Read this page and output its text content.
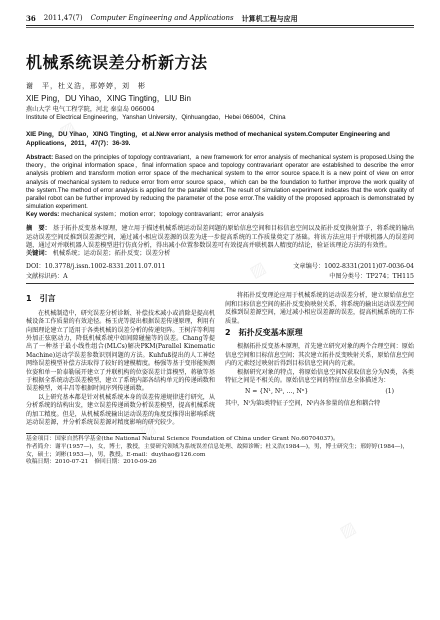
36 2011,47(7) Computer Engineering and Applications 计算机工程与应用
机械系统误差分析新方法
谢　平，杜义浩，邢婷婷，刘　彬
XIE Ping，DU Yihao，XING Tingting，LIU Bin
燕山大学 电气工程学院，河北 秦皇岛 066004
Institute of Electrical Engineering，Yanshan University，Qinhuangdao，Hebei 066004，China
XIE Ping，DU Yihao，XING Tingting，et al.New error analysis method of mechanical system.Computer Engineering and Applications，2011，47(7)：36-39.
Abstract: Based on the principles of topology contravariant，a new framework for error analysis of mechanical system is proposed.Using the theory，the original information space，final information space and topology contravariant operator are established to describe the error analysis problem and transform motion error space of the mechanical system to the error source space.It is a new point of view on error analysis of mechanical system to reduce error from error source space，which can be the foundation to further improve the work quality of the system.The method of error analysis is applied for the parallel robot.The result of simulation experiment indicates that the work quality of parallel robot can be further improved by reducing the parameter of the pose error.The validity of the proposed approach is demonstrated by simulation experiment.
Key words: mechanical system；motion error；topology contravariant；error analysis
摘　要： 基于拓扑反变基本原理，建立用于描述机械系统运动误差问题的原始信息空间和目标信息空间以及拓扑反变换射算子，将系统的输出运动误差空间反推到误差源空间，通过减小相应误差源的误差为进一步提高系统的工作质量奠定了基础。将该方法应用于并联机器人的误差问题，通过对并联机器人误差模型进行仿真分析，得出减小位置参数误差可有效提高并联机器人精度的结论，验证该理论方法的有效性。
关键词： 机械系统；运动误差；拓扑反变；误差分析
DOI：10.3778/j.issn.1002-8331.2011.07.011	文章编号：1002-8331(2011)07-0036-04
文献标识码：A	中图分类号：TP274；TH115
1　引言

在机械制造中，研究误差分析诊断、补偿技术减小或消除是提高机械设备工作质量的有效途径。杨玉虎等提出根据误差传递原理，利用有向图理论建立了适用于各类机械的误差分析的传递矩阵。王树洋等利用外加正弦驱动力，降低机械系统中如间隙碰撞等的误差。Chang等提出了一种基于最小线性组合(MLCs)解决PKM(Parallel Kinematic Machine)运动学误差参数识别问题的方法。Kuhfuß提出的人工神经网络误差模型补偿方法取得了较好的建模精度。杨强等基于变形能预测位姿和单一阶泰勒展开建立了并联机构的位姿误差计算模型，蒋敏等基于根据全系统动态误差模型，建立了系统内部各结构单元的传递函数和误差模型，刘丰昌等根据时间序列传递函数。

以上研究基本都是针对机械系统本身的误差传递规律进行研究，从分析系统的结构出发，建立误差传递函数分析误差模型，提高机械系统的加工精度。但是，从机械系统输出运动误差的角度反推得出影响系统运动误差源，并分析系统误差源对精度影响的研究较少。

将拓扑反变理论应用于机械系统的运动误差分析，建立原始信息空间和目标信息空间的拓扑反变换映射关系，将系统的输出运动误差空间反推到误差源空间，通过减小相应误差源的误差，提高机械系统的工作质量。

2　拓扑反变基本原理

根据拓扑反变基本原理，首先建立研究对象的两个合理空间：原始信息空间和目标信息空间；其次建立拓扑反变映射关系，原始信息空间内的元素经过映射后得到目标信息空间内的元素。

根据研究对象的特点，将原始信息空间N获取信息分为N类，各类特征之间是不相关的。原始信息空间的特征信息全体描述为：

N = {N¹, N², …, Nⁿ}	(1)

其中，Nⁱ为第i类特征子空间，Nⁱ内各参量的信息和耦合特

基金项目：国家自然科学基金(the National Natural Science Foundation of China under Grant No.60704037)。
作者简介：谢平(1957—)，女，博士，教授，主要研究领域为系统误差信息处理、故障诊断；杜义浩(1984—)，男，博士研究生；邢婷婷(1984—)，女，硕士；刘彬(1953—)，男，教授。E-mail：duyihao@126.com
收稿日期：2010-07-21　修回日期：2010-09-26
▨
▨
▨
▨
